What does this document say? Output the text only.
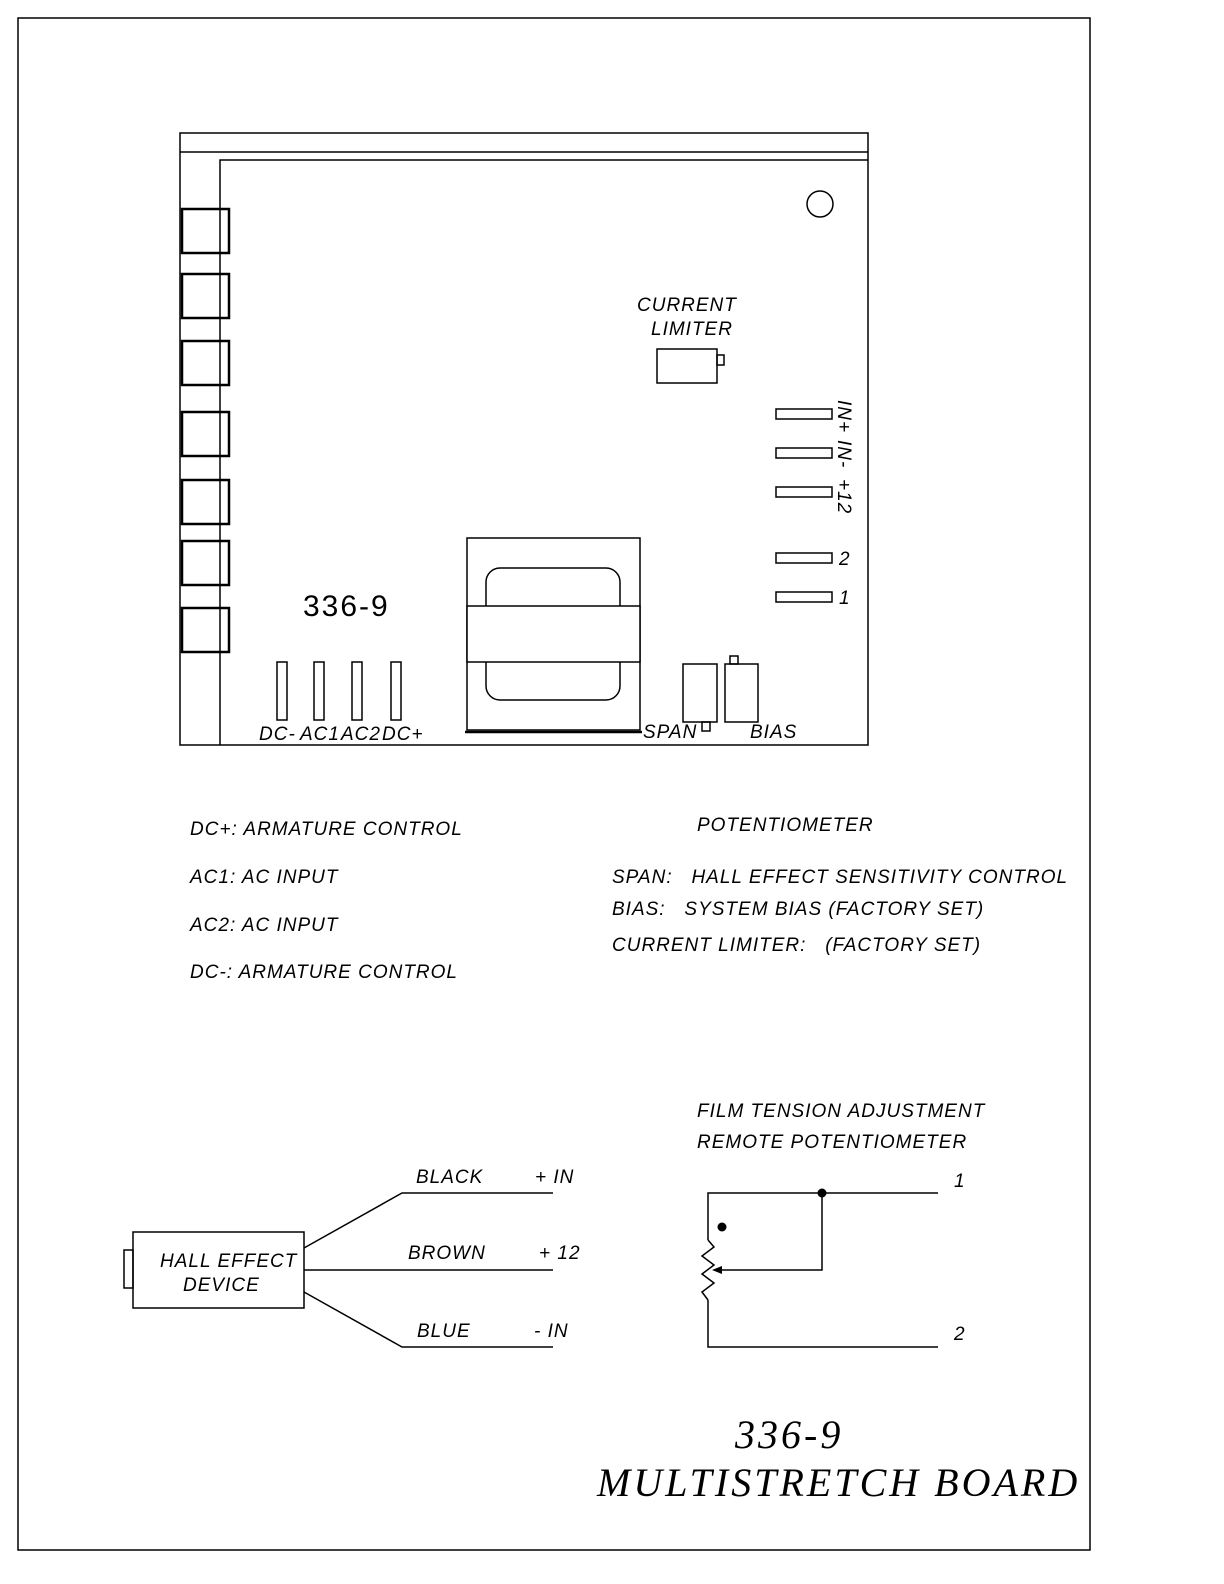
CURRENT
LIMITER
IN+
IN-
+12
2
1
336-9
DC- AC1 AC2 DC+	SPAN	BIAS
DC+: ARMATURE CONTROL
AC1: AC INPUT
AC2: AC INPUT
DC-: ARMATURE CONTROL
POTENTIOMETER
SPAN:   HALL EFFECT SENSITIVITY CONTROL
BIAS:   SYSTEM BIAS (FACTORY SET)
CURRENT LIMITER:   (FACTORY SET)
HALL EFFECT
DEVICE
BLACK	+ IN
BROWN	+ 12
BLUE	- IN
FILM TENSION ADJUSTMENT
REMOTE POTENTIOMETER
1
2
336-9
MULTISTRETCH BOARD
